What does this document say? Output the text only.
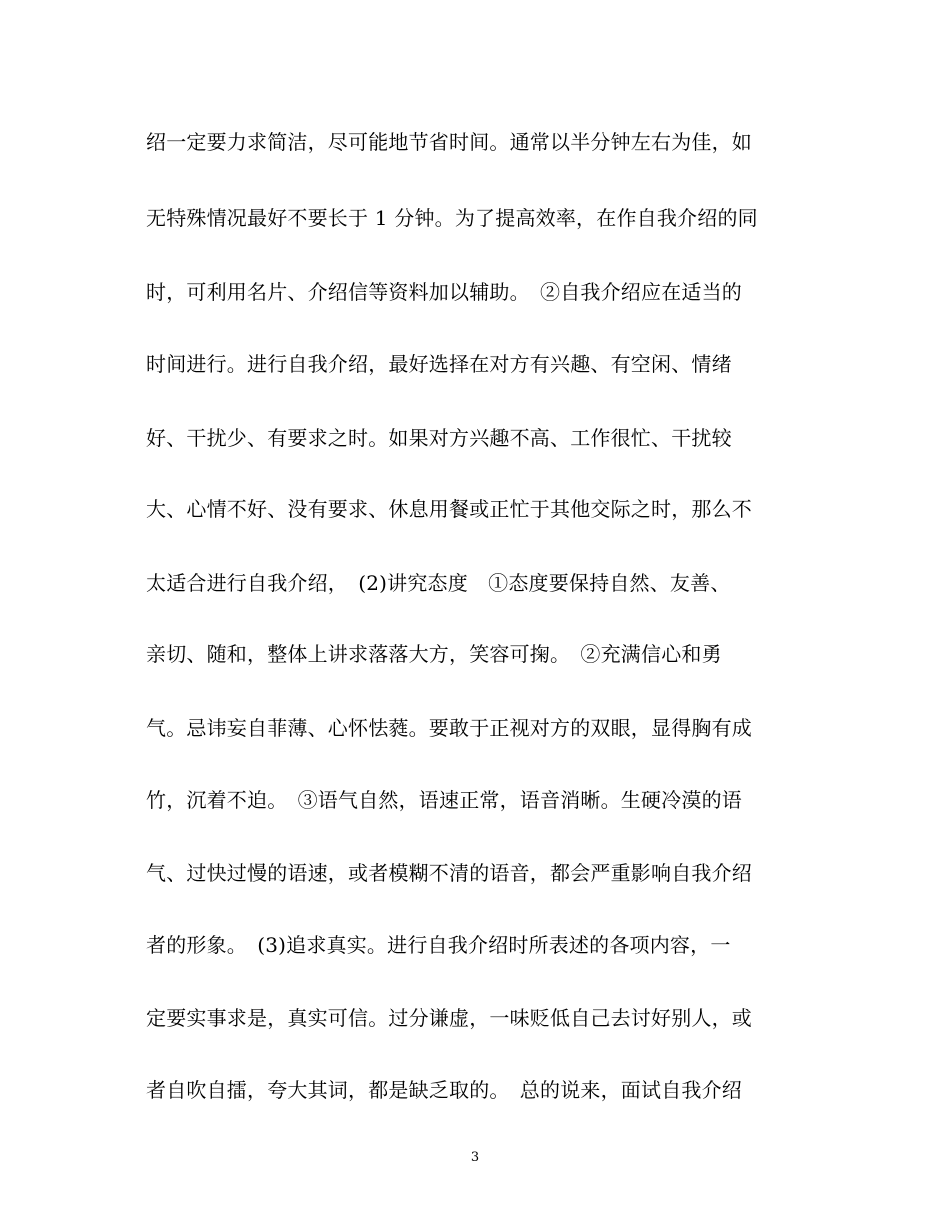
绍一定要力求简洁，尽可能地节省时间。通常以半分钟左右为佳，如
无特殊情况最好不要长于 1 分钟。为了提高效率，在作自我介绍的同
时，可利用名片、介绍信等资料加以辅助。　②自我介绍应在适当的
时间进行。进行自我介绍，最好选择在对方有兴趣、有空闲、情绪
好、干扰少、有要求之时。如果对方兴趣不高、工作很忙、干扰较
大、心情不好、没有要求、休息用餐或正忙于其他交际之时，那么不
太适合进行自我介绍，　(2)讲究态度　①态度要保持自然、友善、
亲切、随和，整体上讲求落落大方，笑容可掬。　②充满信心和勇
气。忌讳妄自菲薄、心怀怯蕤。要敢于正视对方的双眼，显得胸有成
竹，沉着不迫。　③语气自然，语速正常，语音消晰。生硬冷漠的语
气、过快过慢的语速，或者模糊不清的语音，都会严重影响自我介绍
者的形象。　(3)追求真实。进行自我介绍时所表述的各项内容，一
定要实事求是，真实可信。过分谦虚，一味贬低自己去讨好别人，或
者自吹自擂，夸大其词，都是缺乏取的。　总的说来，面试自我介绍
3
